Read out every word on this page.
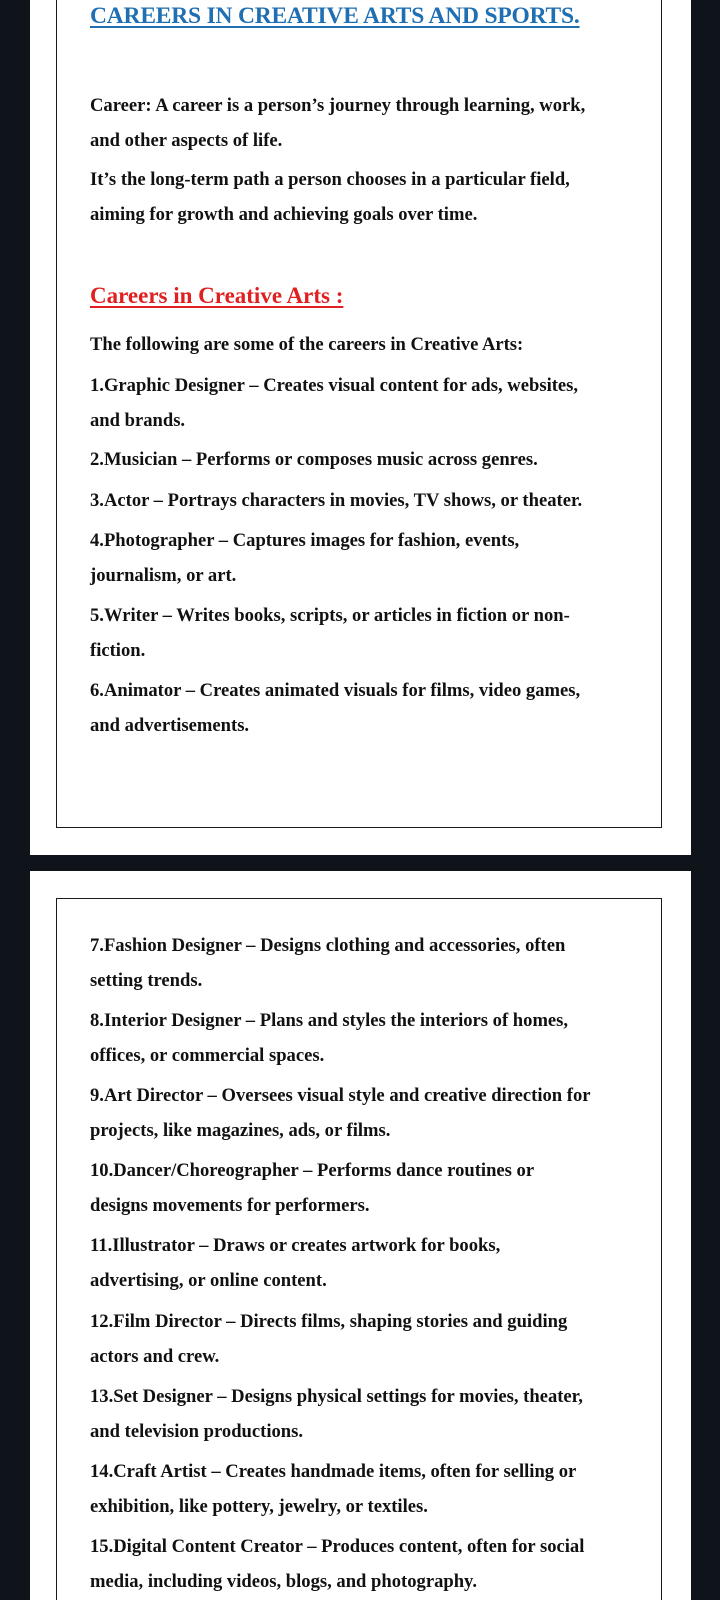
CAREERS IN CREATIVE ARTS AND SPORTS.

Career: A career is a person’s journey through learning, work,

and other aspects of life.

It’s the long-term path a person chooses in a particular field,

aiming for growth and achieving goals over time.

Careers in Creative Arts :

The following are some of the careers in Creative Arts:

1.Graphic Designer – Creates visual content for ads, websites,

and brands.

2.Musician – Performs or composes music across genres.

3.Actor – Portrays characters in movies, TV shows, or theater.

4.Photographer – Captures images for fashion, events,

journalism, or art.

5.Writer – Writes books, scripts, or articles in fiction or non-

fiction.

6.Animator – Creates animated visuals for films, video games,

and advertisements.

7.Fashion Designer – Designs clothing and accessories, often

setting trends.

8.Interior Designer – Plans and styles the interiors of homes,

offices, or commercial spaces.

9.Art Director – Oversees visual style and creative direction for

projects, like magazines, ads, or films.

10.Dancer/Choreographer – Performs dance routines or

designs movements for performers.

11.Illustrator – Draws or creates artwork for books,

advertising, or online content.

12.Film Director – Directs films, shaping stories and guiding

actors and crew.

13.Set Designer – Designs physical settings for movies, theater,

and television productions.

14.Craft Artist – Creates handmade items, often for selling or

exhibition, like pottery, jewelry, or textiles.

15.Digital Content Creator – Produces content, often for social

media, including videos, blogs, and photography.
